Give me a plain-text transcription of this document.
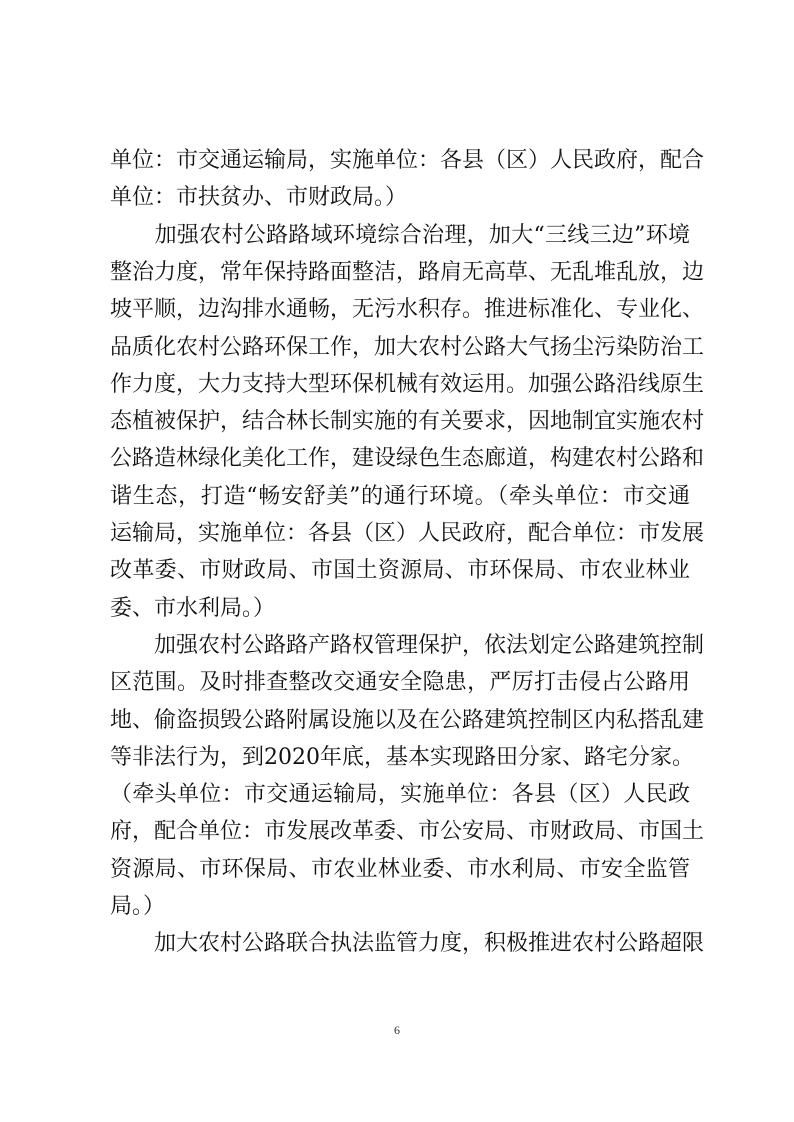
单位：市交通运输局，实施单位：各县（区）人民政府，配合
单位：市扶贫办、市财政局。）
　　加强农村公路路域环境综合治理，加大“三线三边”环境
整治力度，常年保持路面整洁，路肩无高草、无乱堆乱放，边
坡平顺，边沟排水通畅，无污水积存。推进标准化、专业化、
品质化农村公路环保工作，加大农村公路大气扬尘污染防治工
作力度，大力支持大型环保机械有效运用。加强公路沿线原生
态植被保护，结合林长制实施的有关要求，因地制宜实施农村
公路造林绿化美化工作，建设绿色生态廊道，构建农村公路和
谐生态，打造“畅安舒美”的通行环境。（牵头单位：市交通
运输局，实施单位：各县（区）人民政府，配合单位：市发展
改革委、市财政局、市国土资源局、市环保局、市农业林业
委、市水利局。）
　　加强农村公路路产路权管理保护，依法划定公路建筑控制
区范围。及时排查整改交通安全隐患，严厉打击侵占公路用
地、偷盗损毁公路附属设施以及在公路建筑控制区内私搭乱建
等非法行为，到2020年底，基本实现路田分家、路宅分家。
（牵头单位：市交通运输局，实施单位：各县（区）人民政
府，配合单位：市发展改革委、市公安局、市财政局、市国土
资源局、市环保局、市农业林业委、市水利局、市安全监管
局。）
　　加大农村公路联合执法监管力度，积极推进农村公路超限
6
